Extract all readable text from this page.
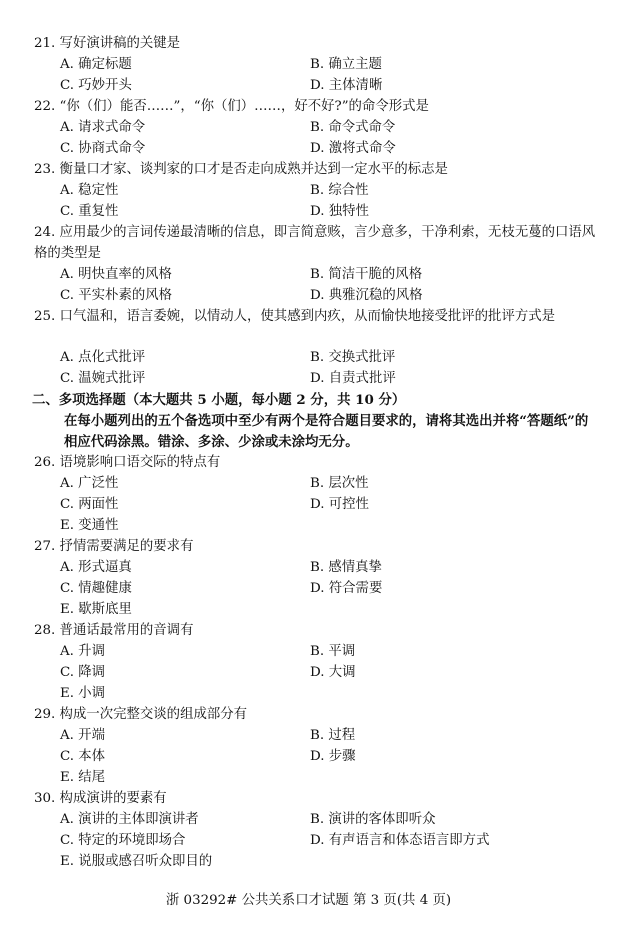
21. 写好演讲稿的关键是
A. 确定标题	B. 确立主题
C. 巧妙开头	D. 主体清晰
22. “你（们）能否……”，“你（们）……，好不好?”的命令形式是
A. 请求式命令	B. 命令式命令
C. 协商式命令	D. 激将式命令
23. 衡量口才家、谈判家的口才是否走向成熟并达到一定水平的标志是
A. 稳定性	B. 综合性
C. 重复性	D. 独特性
24. 应用最少的言词传递最清晰的信息，即言简意赅，言少意多，干净利索，无枝无蔓的口语风格的类型是
A. 明快直率的风格	B. 简洁干脆的风格
C. 平实朴素的风格	D. 典雅沉稳的风格
25. 口气温和，语言委婉，以情动人，使其感到内疚，从而愉快地接受批评的批评方式是
A. 点化式批评	B. 交换式批评
C. 温婉式批评	D. 自责式批评
二、多项选择题（本大题共 5 小题，每小题 2 分，共 10 分）
在每小题列出的五个备选项中至少有两个是符合题目要求的，请将其选出并将“答题纸”的相应代码涂黑。错涂、多涂、少涂或未涂均无分。
26. 语境影响口语交际的特点有
A. 广泛性	B. 层次性
C. 两面性	D. 可控性
E. 变通性
27. 抒情需要满足的要求有
A. 形式逼真	B. 感情真挚
C. 情趣健康	D. 符合需要
E. 歇斯底里
28. 普通话最常用的音调有
A. 升调	B. 平调
C. 降调	D. 大调
E. 小调
29. 构成一次完整交谈的组成部分有
A. 开端	B. 过程
C. 本体	D. 步骤
E. 结尾
30. 构成演讲的要素有
A. 演讲的主体即演讲者	B. 演讲的客体即听众
C. 特定的环境即场合	D. 有声语言和体态语言即方式
E. 说服或感召听众即目的
浙 03292# 公共关系口才试题 第 3 页(共 4 页)
